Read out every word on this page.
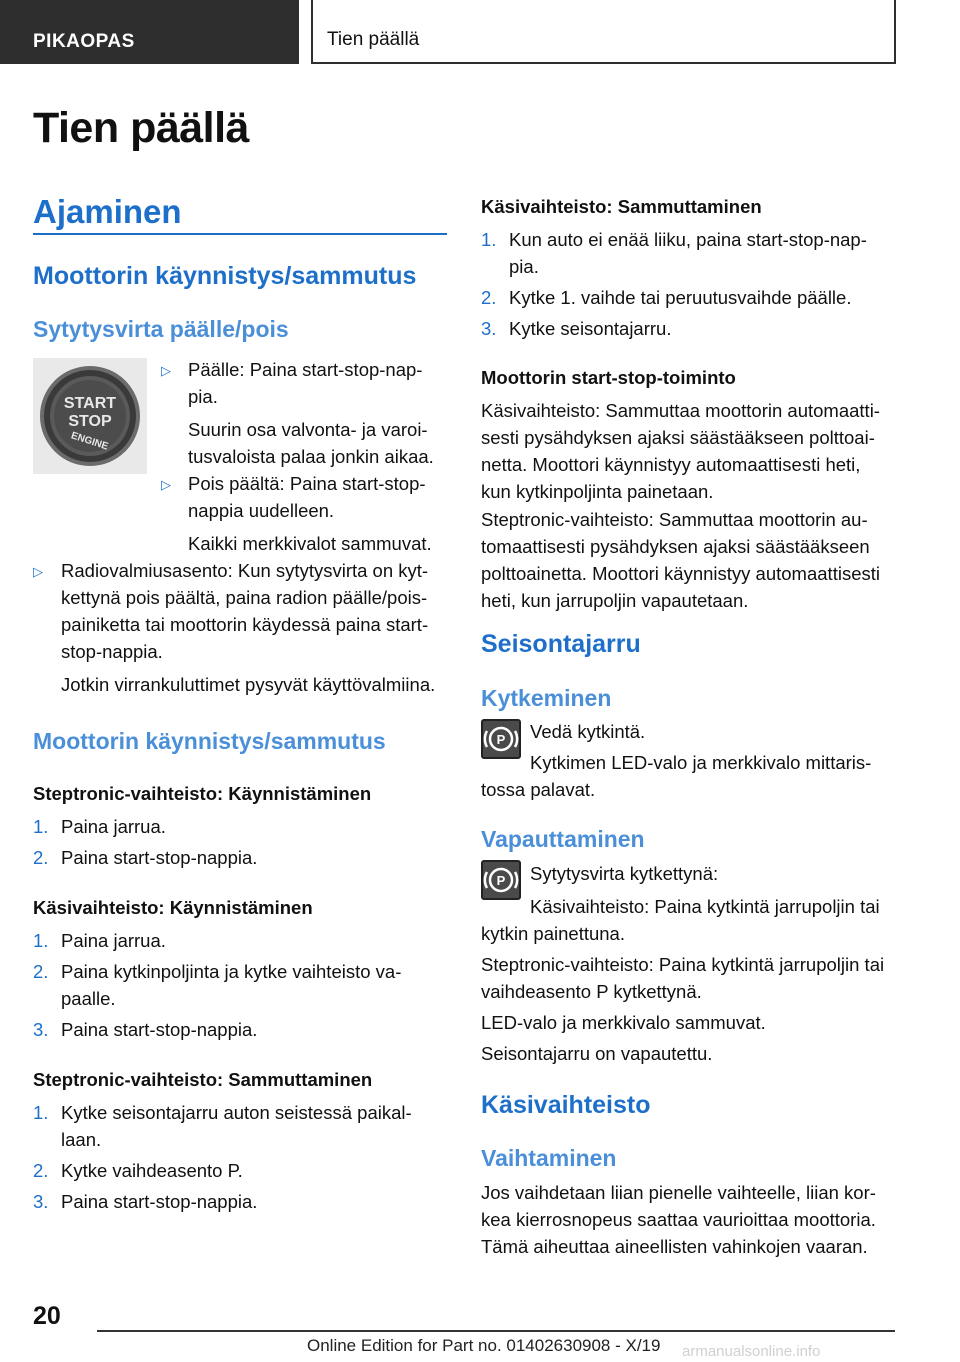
PIKAOPAS	Tien päällä
Tien päällä
Ajaminen
Moottorin käynnistys/sammutus
Sytytysvirta päälle/pois
START
STOP
ENGINE
▷ Päälle: Paina start-stop-nap-
pia.
Suurin osa valvonta- ja varoi-
tusvaloista palaa jonkin aikaa.
▷ Pois päältä: Paina start-stop-
nappia uudelleen.
Kaikki merkkivalot sammuvat.
▷ Radiovalmiusasento: Kun sytytysvirta on kyt-
kettynä pois päältä, paina radion päälle/pois-
painiketta tai moottorin käydessä paina start-
stop-nappia.
Jotkin virrankuluttimet pysyvät käyttövalmiina.
Moottorin käynnistys/sammutus
Steptronic-vaihteisto: Käynnistäminen
1. Paina jarrua.
2. Paina start-stop-nappia.
Käsivaihteisto: Käynnistäminen
1. Paina jarrua.
2. Paina kytkinpoljinta ja kytke vaihteisto va-
paalle.
3. Paina start-stop-nappia.
Steptronic-vaihteisto: Sammuttaminen
1. Kytke seisontajarru auton seistessä paikal-
laan.
2. Kytke vaihdeasento P.
3. Paina start-stop-nappia.
Käsivaihteisto: Sammuttaminen
1. Kun auto ei enää liiku, paina start-stop-nap-
pia.
2. Kytke 1. vaihde tai peruutusvaihde päälle.
3. Kytke seisontajarru.
Moottorin start-stop-toiminto
Käsivaihteisto: Sammuttaa moottorin automaatti-
sesti pysähdyksen ajaksi säästääkseen polttoai-
netta. Moottori käynnistyy automaattisesti heti,
kun kytkinpoljinta painetaan.
Steptronic-vaihteisto: Sammuttaa moottorin au-
tomaattisesti pysähdyksen ajaksi säästääkseen
polttoainetta. Moottori käynnistyy automaattisesti
heti, kun jarrupoljin vapautetaan.
Seisontajarru
Kytkeminen
P Vedä kytkintä.
Kytkimen LED-valo ja merkkivalo mittaris-
tossa palavat.
Vapauttaminen
P Sytytysvirta kytkettynä:
Käsivaihteisto: Paina kytkintä jarrupoljin tai
kytkin painettuna.
Steptronic-vaihteisto: Paina kytkintä jarrupoljin tai
vaihdeasento P kytkettynä.
LED-valo ja merkkivalo sammuvat.
Seisontajarru on vapautettu.
Käsivaihteisto
Vaihtaminen
Jos vaihdetaan liian pienelle vaihteelle, liian kor-
kea kierrosnopeus saattaa vaurioittaa moottoria.
Tämä aiheuttaa aineellisten vahinkojen vaaran.
20
Online Edition for Part no. 01402630908 - X/19 armanualsonline.info
